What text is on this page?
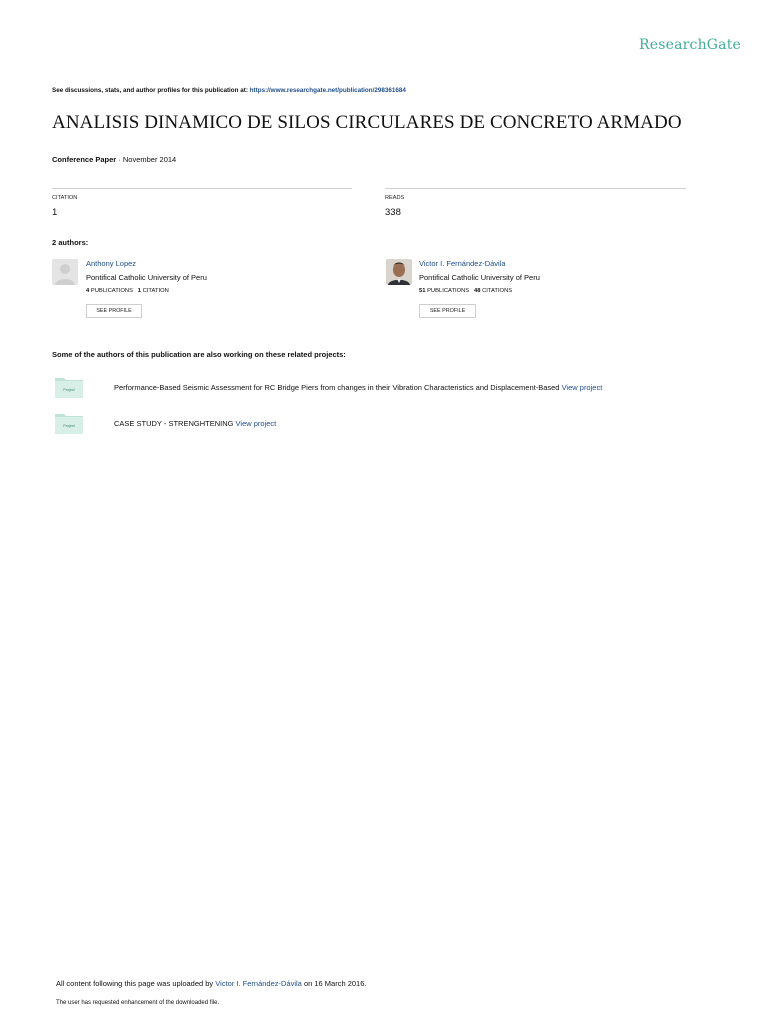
ResearchGate
See discussions, stats, and author profiles for this publication at: https://www.researchgate.net/publication/298361684
ANALISIS DINAMICO DE SILOS CIRCULARES DE CONCRETO ARMADO
Conference Paper · November 2014
CITATION
1
READS
338
2 authors:
Anthony Lopez
Pontifical Catholic University of Peru
4 PUBLICATIONS 1 CITATION
SEE PROFILE
Victor I. Fernández-Dávila
Pontifical Catholic University of Peru
51 PUBLICATIONS 48 CITATIONS
SEE PROFILE
Some of the authors of this publication are also working on these related projects:
Project	Performance-Based Seismic Assessment for RC Bridge Piers from changes in their Vibration Characteristics and Displacement-Based View project
Project	CASE STUDY - STRENGHTENING View project
All content following this page was uploaded by Victor I. Fernández-Dávila on 16 March 2016.
The user has requested enhancement of the downloaded file.
